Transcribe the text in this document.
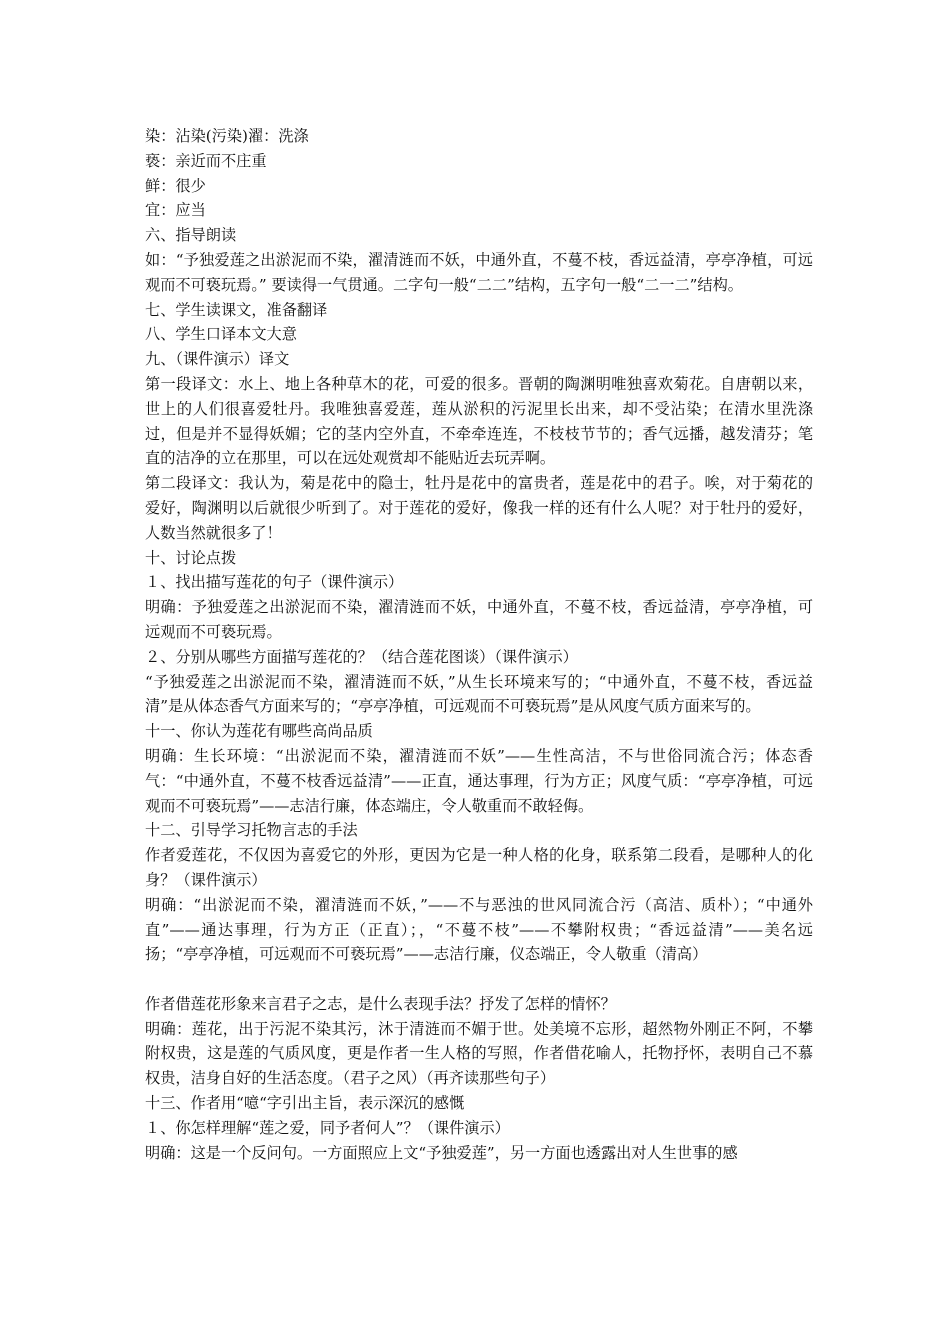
染：沾染(污染)濯：洗涤

亵：亲近而不庄重

鲜：很少

宜：应当

六、指导朗读

如：“予独爱莲之出淤泥而不染，濯清涟而不妖，中通外直，不蔓不枝，香远益清，亭亭净植，可远观而不可亵玩焉。” 要读得一气贯通。二字句一般“二二”结构，五字句一般“二一二”结构。

七、学生读课文，准备翻译

八、学生口译本文大意

九、（课件演示）译文

第一段译文：水上、地上各种草木的花，可爱的很多。晋朝的陶渊明唯独喜欢菊花。自唐朝以来，世上的人们很喜爱牡丹。我唯独喜爱莲，莲从淤积的污泥里长出来，却不受沾染；在清水里洗涤过，但是并不显得妖媚；它的茎内空外直，不牵牵连连，不枝枝节节的；香气远播，越发清芬；笔直的洁净的立在那里，可以在远处观赏却不能贴近去玩弄啊。

第二段译文：我认为，菊是花中的隐士，牡丹是花中的富贵者，莲是花中的君子。唉，对于菊花的爱好，陶渊明以后就很少听到了。对于莲花的爱好，像我一样的还有什么人呢？对于牡丹的爱好，人数当然就很多了！

十、讨论点拨

１、找出描写莲花的句子（课件演示）

明确：予独爱莲之出淤泥而不染，濯清涟而不妖，中通外直，不蔓不枝，香远益清，亭亭净植，可远观而不可亵玩焉。

２、分别从哪些方面描写莲花的？（结合莲花图谈）（课件演示）

“予独爱莲之出淤泥而不染，濯清涟而不妖，”从生长环境来写的；“中通外直，不蔓不枝，香远益清”是从体态香气方面来写的；“亭亭净植，可远观而不可亵玩焉”是从风度气质方面来写的。

十一、你认为莲花有哪些高尚品质

明确：生长环境：“出淤泥而不染，濯清涟而不妖”——生性高洁，不与世俗同流合污；体态香气：“中通外直，不蔓不枝香远益清”——正直，通达事理，行为方正；风度气质：“亭亭净植，可远观而不可亵玩焉”——志洁行廉，体态端庄，令人敬重而不敢轻侮。

十二、引导学习托物言志的手法

作者爱莲花，不仅因为喜爱它的外形，更因为它是一种人格的化身，联系第二段看，是哪种人的化身？（课件演示）

明确：“出淤泥而不染，濯清涟而不妖，”——不与恶浊的世风同流合污（高洁、质朴）；“中通外直”——通达事理，行为方正（正直）；，“不蔓不枝”——不攀附权贵；“香远益清”——美名远扬；“亭亭净植，可远观而不可亵玩焉”——志洁行廉，仪态端正，令人敬重（清高）

作者借莲花形象来言君子之志，是什么表现手法？抒发了怎样的情怀？

明确：莲花，出于污泥不染其污，沐于清涟而不媚于世。处美境不忘形，超然物外刚正不阿，不攀附权贵，这是莲的气质风度，更是作者一生人格的写照，作者借花喻人，托物抒怀，表明自己不慕权贵，洁身自好的生活态度。（君子之风）（再齐读那些句子）

十三、作者用“噫“字引出主旨，表示深沉的感慨

１、你怎样理解“莲之爱，同予者何人”？（课件演示）

明确：这是一个反问句。一方面照应上文“予独爱莲”，另一方面也透露出对人生世事的感
